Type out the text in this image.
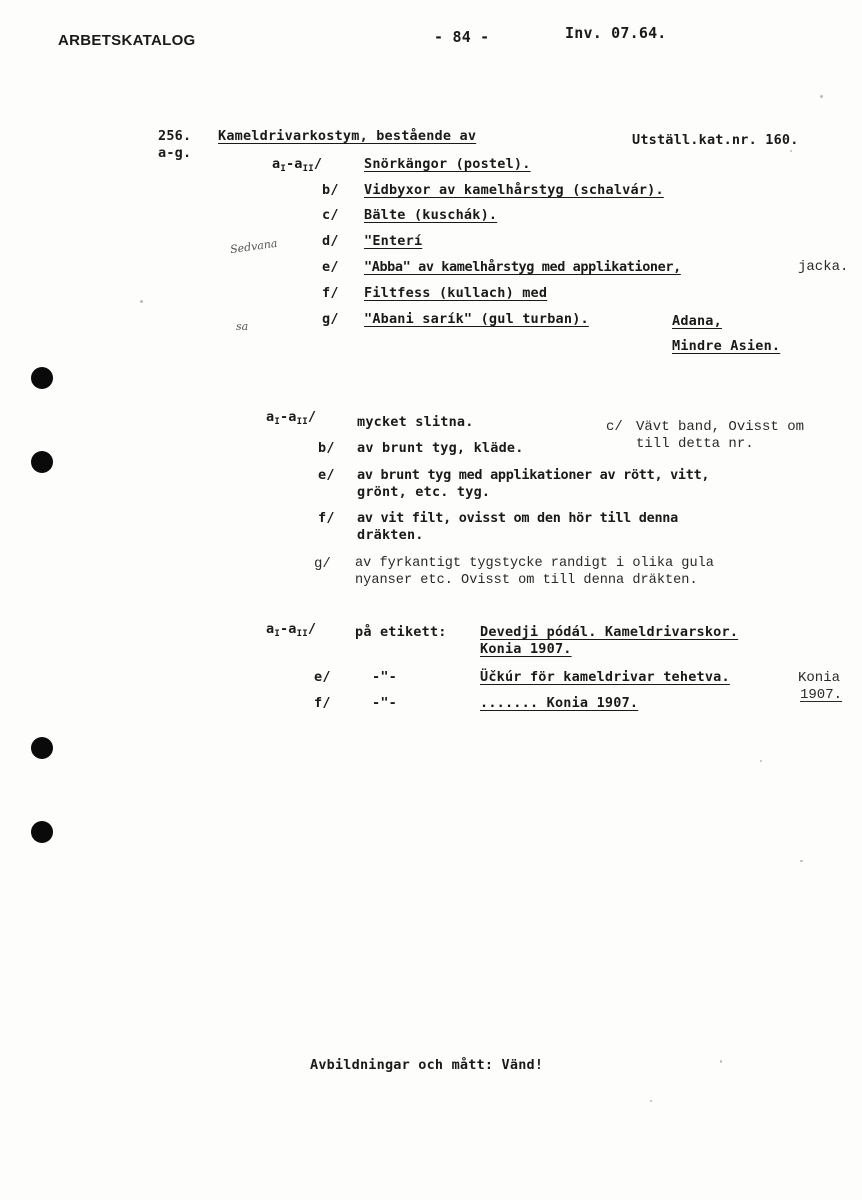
ARBETSKATALOG	- 84 -	Inv. 07.64.
256.
a-g.
Kameldrivarkostym, bestående av	Utställ.kat.nr. 160.
$a_I-a_{II}/$	Snörkängor (postel).
b/ Vidbyxor av kamelhårstyg (schalvár).
c/ Bälte (kuschák).
d/ "Enterí
e/ "Abba" av kamelhårstyg med applikationer,	jacka.
f/ Filtfess (kullach) med
g/ "Abani sarík" (gul turban).	Adana,
Mindre Asien.
Sedvana
sa
$a_I-a_{II}/$	mycket slitna.	c/ Vävt band, Ovisst om
till detta nr.
b/ av brunt tyg, kläde.
e/ av brunt tyg med applikationer av rött, vitt,
grönt, etc. tyg.
f/ av vit filt, ovisst om den hör till denna
dräkten.
g/ av fyrkantigt tygstycke randigt i olika gula
nyanser etc. Ovisst om till denna dräkten.
$a_I-a_{II}/$	på etikett: Devedji pódál. Kameldrivarskor.
Konia 1907.
e/	-"-	Üčkúr för kameldrivar tehetva.	Konia
1907.
f/	-"-	....... Konia 1907.
Avbildningar och mått: Vänd!
